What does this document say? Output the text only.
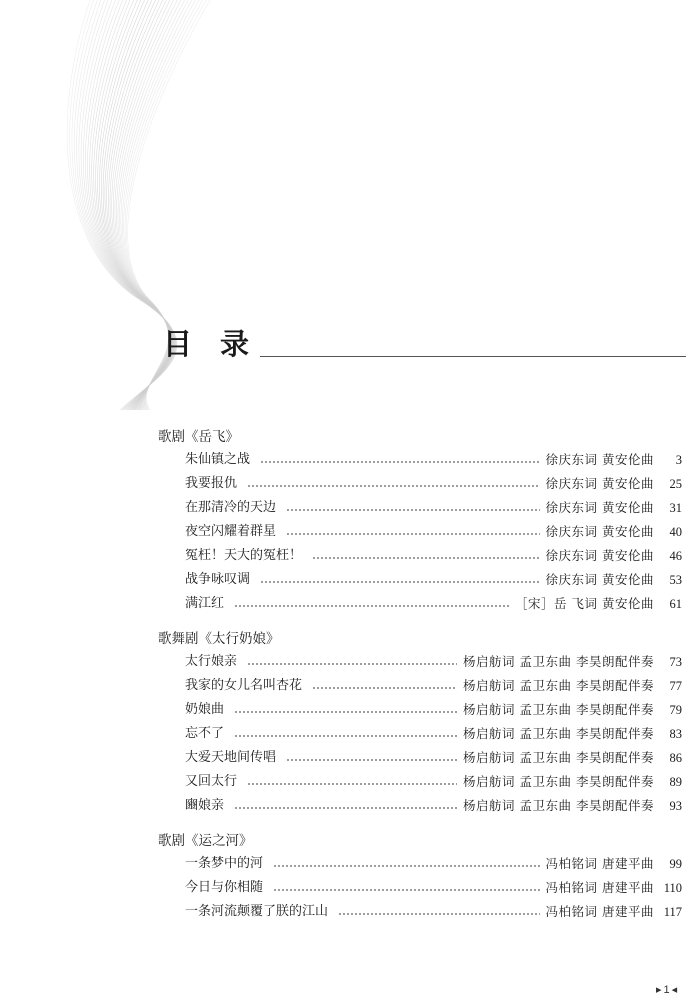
目 录
歌剧《岳飞》
朱仙镇之战	徐庆东词 黄安伦曲	3
我要报仇	徐庆东词 黄安伦曲	25
在那清冷的天边	徐庆东词 黄安伦曲	31
夜空闪耀着群星	徐庆东词 黄安伦曲	40
冤枉！天大的冤枉！	徐庆东词 黄安伦曲	46
战争咏叹调	徐庆东词 黄安伦曲	53
满江红	［宋］岳 飞词 黄安伦曲	61
歌舞剧《太行奶娘》
太行娘亲	杨启舫词 孟卫东曲 李昊朗配伴奏	73
我家的女儿名叫杏花	杨启舫词 孟卫东曲 李昊朗配伴奏	77
奶娘曲	杨启舫词 孟卫东曲 李昊朗配伴奏	79
忘不了	杨启舫词 孟卫东曲 李昊朗配伴奏	83
大爱天地间传唱	杨启舫词 孟卫东曲 李昊朗配伴奏	86
又回太行	杨启舫词 孟卫东曲 李昊朗配伴奏	89
豳娘亲	杨启舫词 孟卫东曲 李昊朗配伴奏	93
歌剧《运之河》
一条梦中的河	冯柏铭词 唐建平曲	99
今日与你相随	冯柏铭词 唐建平曲 110
一条河流颠覆了朕的江山	冯柏铭词 唐建平曲 117
▸ 1 ◂
